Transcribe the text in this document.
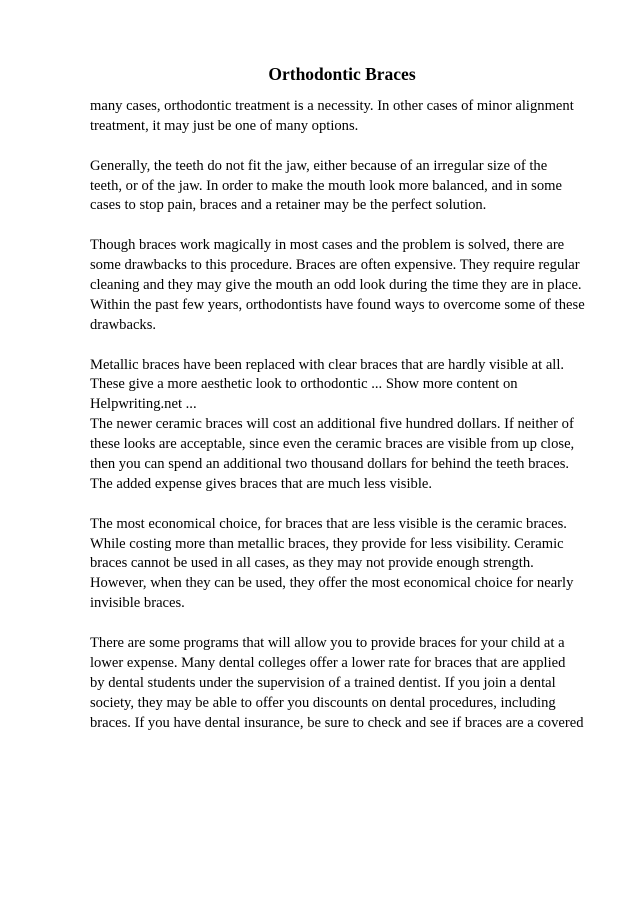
Orthodontic Braces
many cases, orthodontic treatment is a necessity. In other cases of minor alignment
treatment, it may just be one of many options.
Generally, the teeth do not fit the jaw, either because of an irregular size of the
teeth, or of the jaw. In order to make the mouth look more balanced, and in some
cases to stop pain, braces and a retainer may be the perfect solution.
Though braces work magically in most cases and the problem is solved, there are
some drawbacks to this procedure. Braces are often expensive. They require regular
cleaning and they may give the mouth an odd look during the time they are in place.
Within the past few years, orthodontists have found ways to overcome some of these
drawbacks.
Metallic braces have been replaced with clear braces that are hardly visible at all.
These give a more aesthetic look to orthodontic ... Show more content on
Helpwriting.net ...
The newer ceramic braces will cost an additional five hundred dollars. If neither of
these looks are acceptable, since even the ceramic braces are visible from up close,
then you can spend an additional two thousand dollars for behind the teeth braces.
The added expense gives braces that are much less visible.
The most economical choice, for braces that are less visible is the ceramic braces.
While costing more than metallic braces, they provide for less visibility. Ceramic
braces cannot be used in all cases, as they may not provide enough strength.
However, when they can be used, they offer the most economical choice for nearly
invisible braces.
There are some programs that will allow you to provide braces for your child at a
lower expense. Many dental colleges offer a lower rate for braces that are applied
by dental students under the supervision of a trained dentist. If you join a dental
society, they may be able to offer you discounts on dental procedures, including
braces. If you have dental insurance, be sure to check and see if braces are a covered
